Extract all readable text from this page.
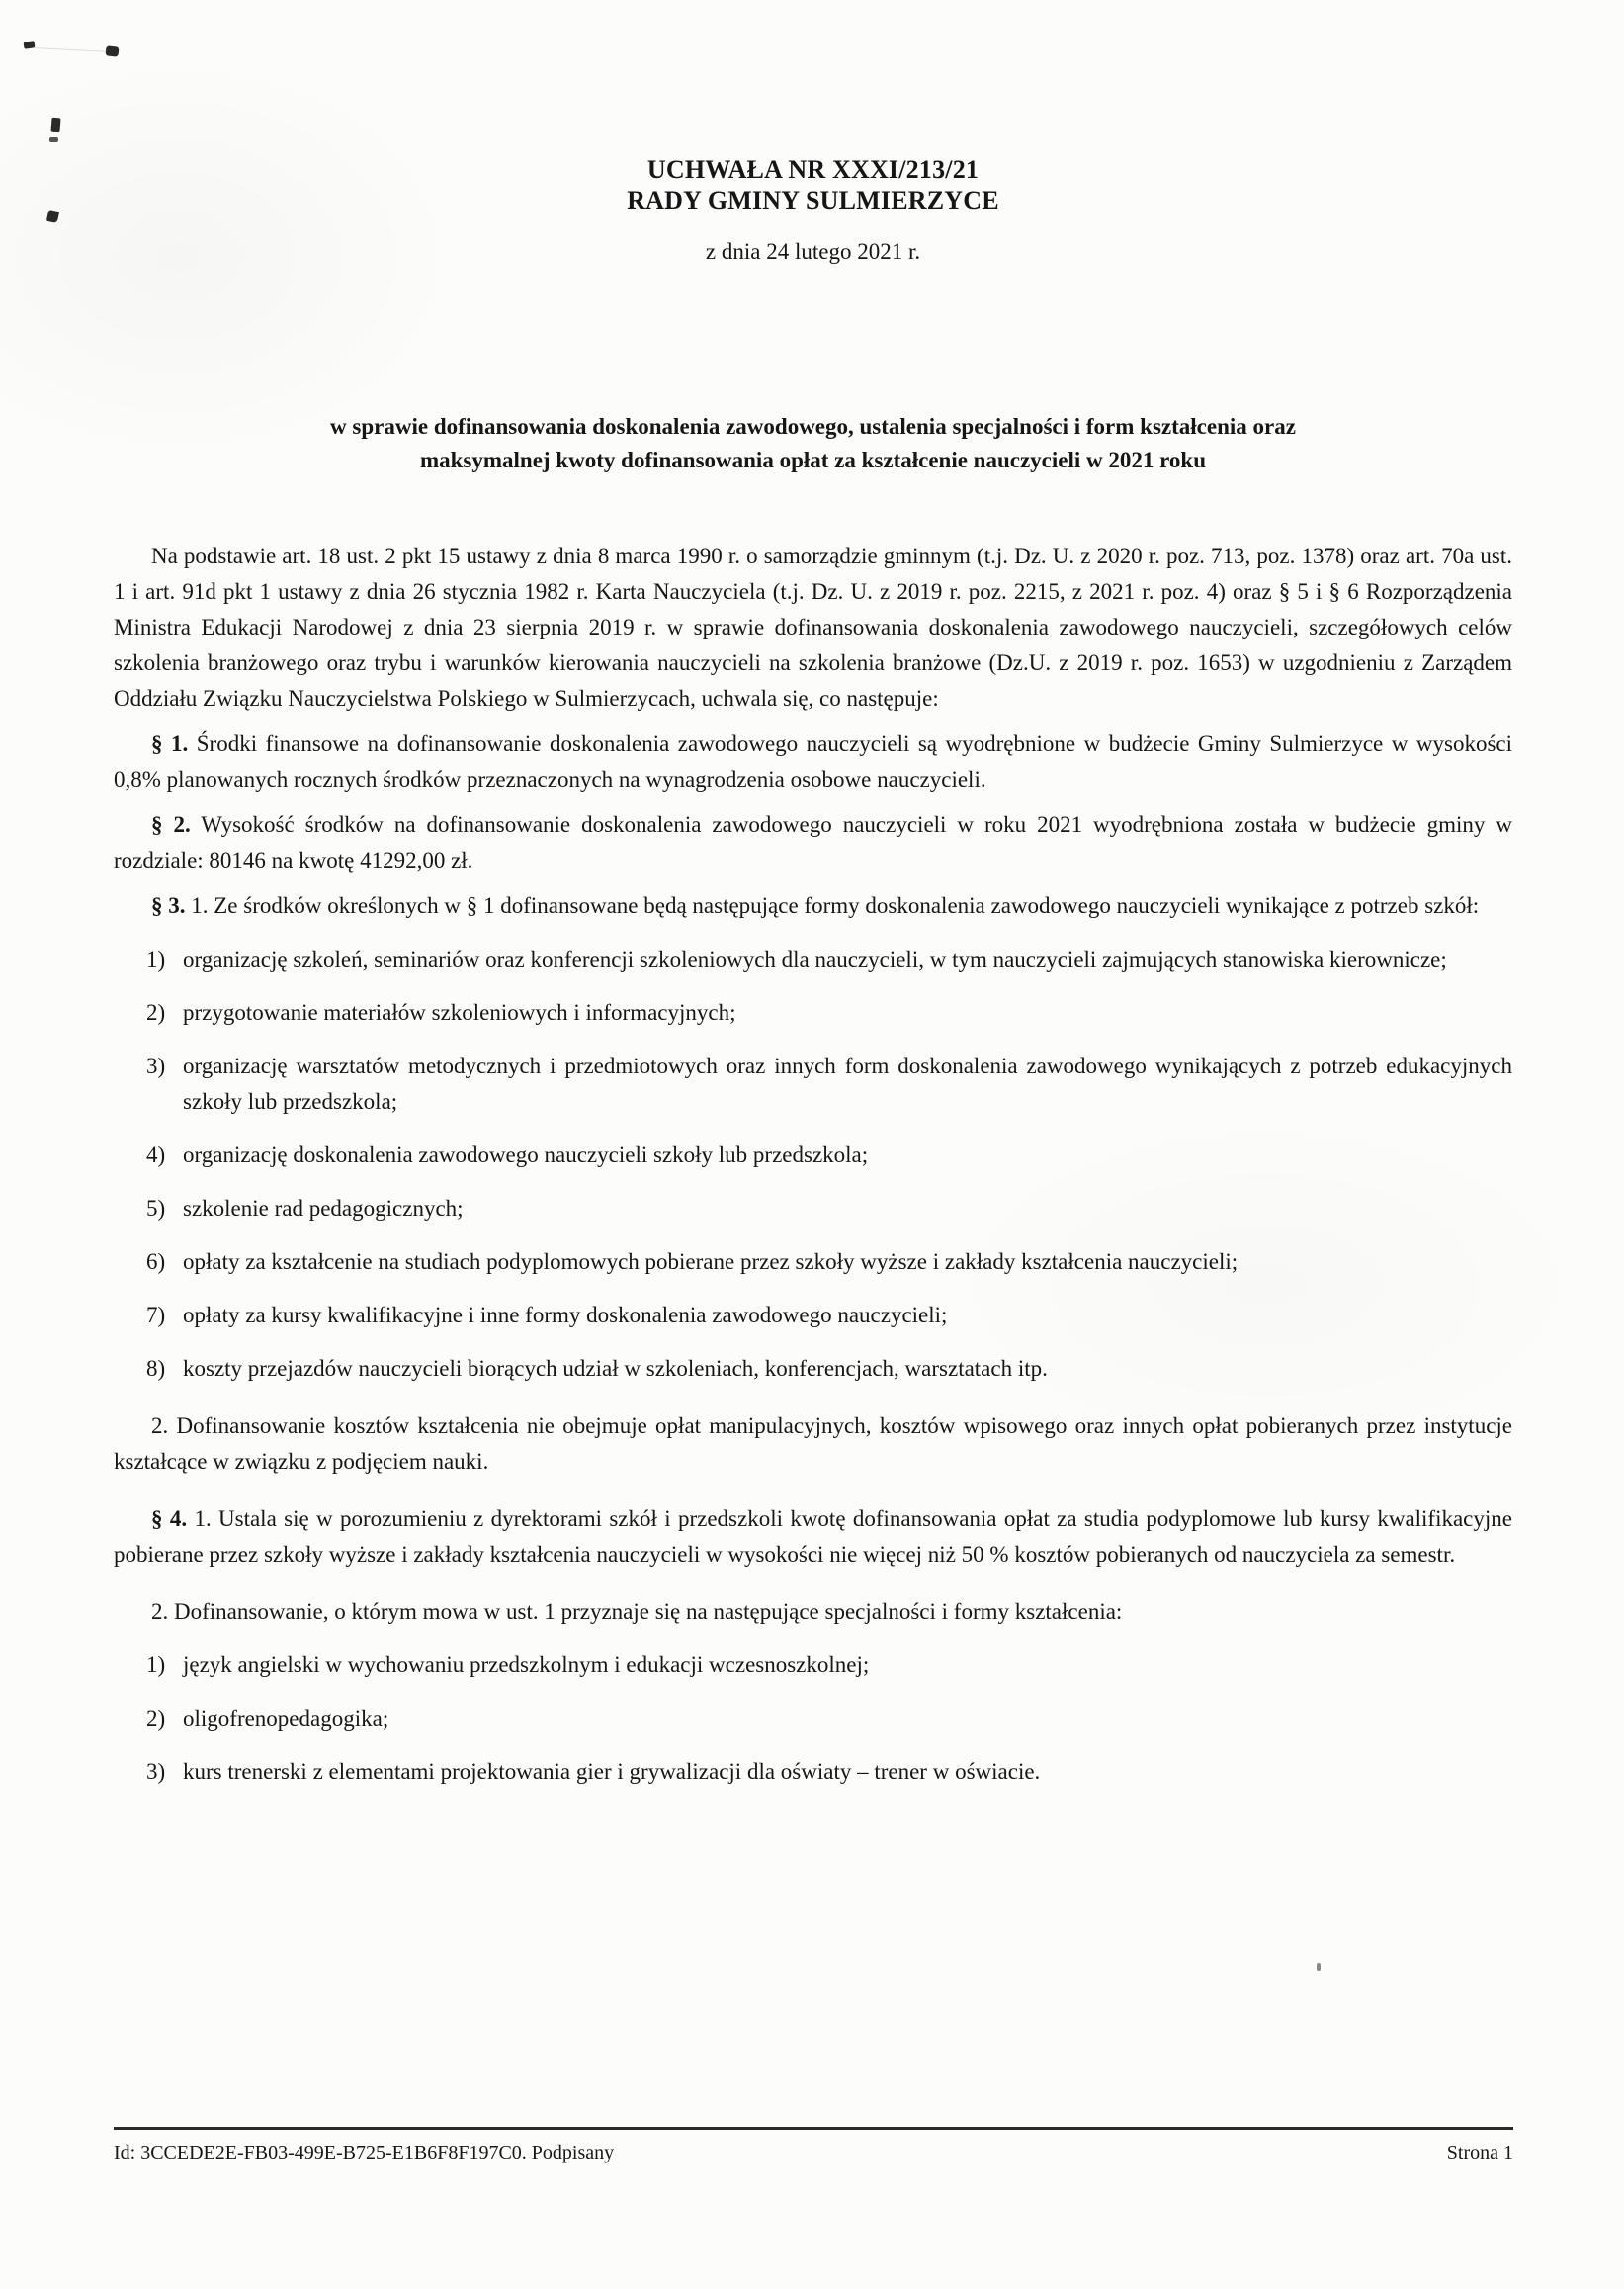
UCHWAŁA NR XXXI/213/21
RADY GMINY SULMIERZYCE
z dnia 24 lutego 2021 r.
w sprawie dofinansowania doskonalenia zawodowego, ustalenia specjalności i form kształcenia oraz
maksymalnej kwoty dofinansowania opłat za kształcenie nauczycieli w 2021 roku

Na podstawie art. 18 ust. 2 pkt 15 ustawy z dnia 8 marca 1990 r. o samorządzie gminnym (t.j. Dz. U. z 2020 r. poz. 713, poz. 1378) oraz art. 70a ust. 1 i art. 91d pkt 1 ustawy z dnia 26 stycznia 1982 r. Karta Nauczyciela (t.j. Dz. U. z 2019 r. poz. 2215, z 2021 r. poz. 4) oraz § 5 i § 6 Rozporządzenia Ministra Edukacji Narodowej z dnia 23 sierpnia 2019 r. w sprawie dofinansowania doskonalenia zawodowego nauczycieli, szczegółowych celów szkolenia branżowego oraz trybu i warunków kierowania nauczycieli na szkolenia branżowe (Dz.U. z 2019 r. poz. 1653) w uzgodnieniu z Zarządem Oddziału Związku Nauczycielstwa Polskiego w Sulmierzycach, uchwala się, co następuje:

§ 1. Środki finansowe na dofinansowanie doskonalenia zawodowego nauczycieli są wyodrębnione w budżecie Gminy Sulmierzyce w wysokości 0,8% planowanych rocznych środków przeznaczonych na wynagrodzenia osobowe nauczycieli.

§ 2. Wysokość środków na dofinansowanie doskonalenia zawodowego nauczycieli w roku 2021 wyodrębniona została w budżecie gminy w rozdziale: 80146 na kwotę 41292,00 zł.

§ 3. 1. Ze środków określonych w § 1 dofinansowane będą następujące formy doskonalenia zawodowego nauczycieli wynikające z potrzeb szkół:

1) organizację szkoleń, seminariów oraz konferencji szkoleniowych dla nauczycieli, w tym nauczycieli zajmujących stanowiska kierownicze;
2) przygotowanie materiałów szkoleniowych i informacyjnych;
3) organizację warsztatów metodycznych i przedmiotowych oraz innych form doskonalenia zawodowego wynikających z potrzeb edukacyjnych szkoły lub przedszkola;
4) organizację doskonalenia zawodowego nauczycieli szkoły lub przedszkola;
5) szkolenie rad pedagogicznych;
6) opłaty za kształcenie na studiach podyplomowych pobierane przez szkoły wyższe i zakłady kształcenia nauczycieli;
7) opłaty za kursy kwalifikacyjne i inne formy doskonalenia zawodowego nauczycieli;
8) koszty przejazdów nauczycieli biorących udział w szkoleniach, konferencjach, warsztatach itp.

2. Dofinansowanie kosztów kształcenia nie obejmuje opłat manipulacyjnych, kosztów wpisowego oraz innych opłat pobieranych przez instytucje kształcące w związku z podjęciem nauki.

§ 4. 1. Ustala się w porozumieniu z dyrektorami szkół i przedszkoli kwotę dofinansowania opłat za studia podyplomowe lub kursy kwalifikacyjne pobierane przez szkoły wyższe i zakłady kształcenia nauczycieli w wysokości nie więcej niż 50 % kosztów pobieranych od nauczyciela za semestr.

2. Dofinansowanie, o którym mowa w ust. 1 przyznaje się na następujące specjalności i formy kształcenia:

1) język angielski w wychowaniu przedszkolnym i edukacji wczesnoszkolnej;
2) oligofrenopedagogika;
3) kurs trenerski z elementami projektowania gier i grywalizacji dla oświaty – trener w oświacie.
Id: 3CCEDE2E-FB03-499E-B725-E1B6F8F197C0. Podpisany	Strona 1
